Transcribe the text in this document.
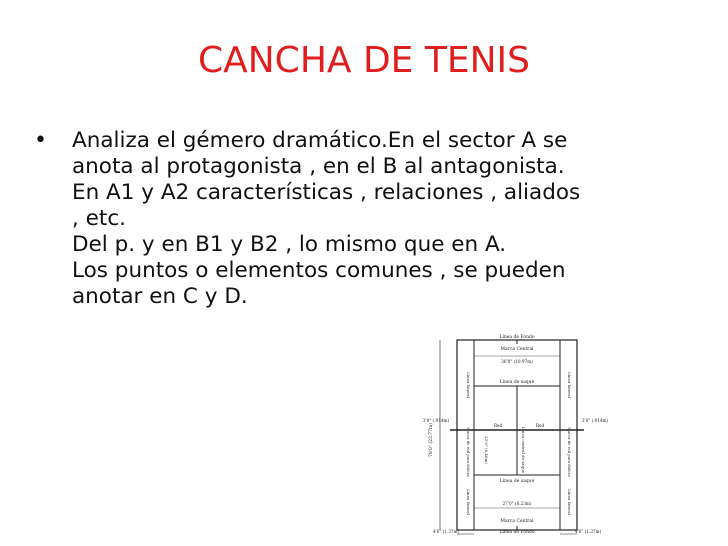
CANCHA DE TENIS
• Analiza el gémero dramático.En el sector A se
anota al protagonista , en el B al antagonista.
En A1 y A2 características , relaciones , aliados
, etc.
Del p. y en B1 y B2 , lo mismo que en A.
Los puntos o elementos comunes , se pueden
anotar en C y D.
Línea de Fondo
Marca Central
36'0" (10.97m)
Línea de saque
Línea lateral	Línea lateral
3'0" (.914m)	3'0" (.914m)
Red	Red
78'0" (23.77m)	21'0" (6.40m)	Línea central de saque
Marca de red para dobles	Marca de red para dobles
Línea de saque
27'0" (8.23m)
Línea lateral	Línea lateral
Marca Central
Línea de Fondo
4'6" (1.37m)	4'6" (1.37m)
